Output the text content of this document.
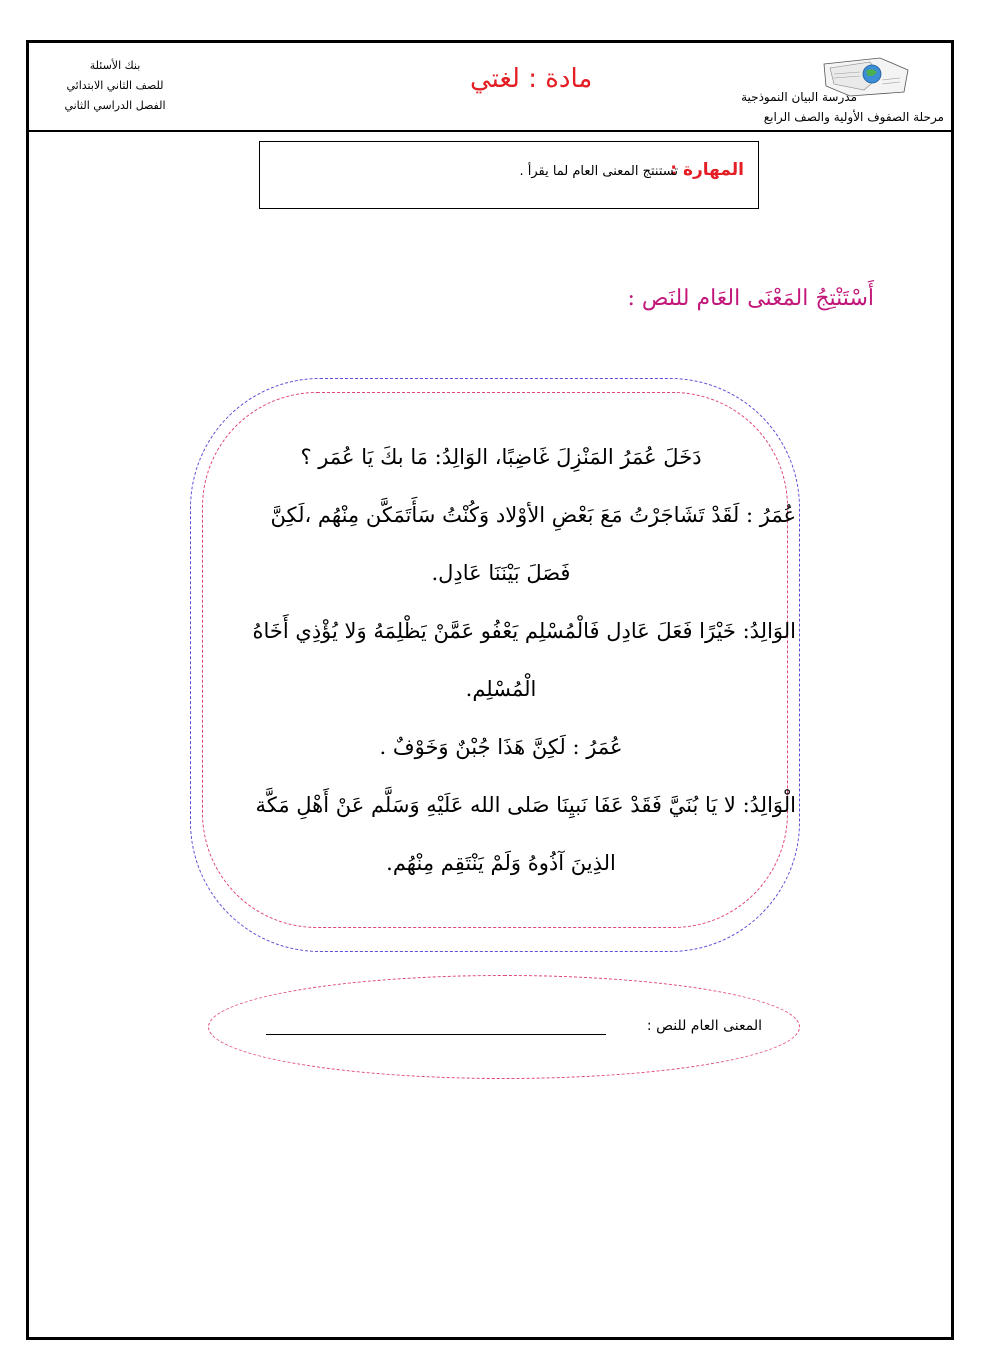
مدرسة البيان النموذجية
مرحلة الصفوف الأولية والصف الرابع
مادة : لغتي
بنك الأسئلة
للصف الثاني الابتدائي
الفصل الدراسي الثاني
المهارة :
تستنتج المعنى العام لما يقرأ .
أَسْتَنْتِجُ المَعْنَى العَام للنَص :
دَخَلَ عُمَرُ المَنْزِلَ غَاضِبًا، الوَالِدُ: مَا بكَ يَا عُمَر ؟
عُمَرُ : لَقَدْ تَشَاجَرْتُ مَعَ بَعْضِ الأوْلاد وَكُنْتُ سَأَتَمَكَّن مِنْهُم ،لَكِنَّ
فَصَلَ بَيْنَنَا عَادِل.
الوَالِدُ: خَيْرًا فَعَلَ عَادِل فَالْمُسْلِم يَعْفُو عَمَّنْ يَظْلِمَهُ وَلا يُؤْذِي أَخَاهُ
الْمُسْلِم.
عُمَرُ : لَكِنَّ هَذَا جُبْنٌ وَخَوْفٌ .
الْوَالِدُ: لا يَا بُنَيَّ فَقَدْ عَفَا نَبيِنَا صَلى الله عَلَيْهِ وَسَلَّم عَنْ أَهْلِ مَكَّة
الذِينَ آذُوهُ وَلَمْ يَنْتَقِم مِنْهُم.
المعنى العام للنص :
